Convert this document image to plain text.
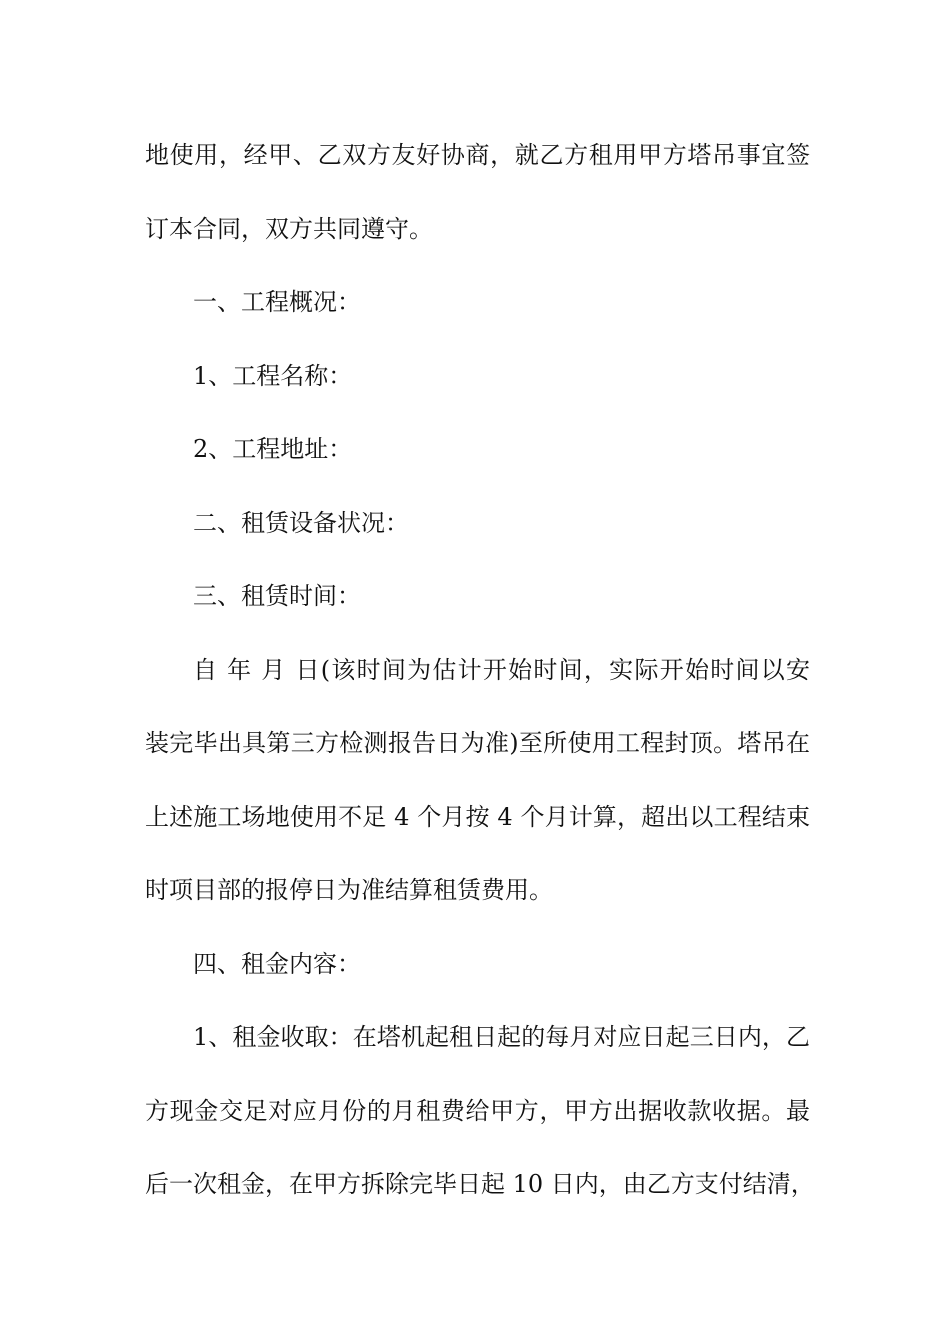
地使用，经甲、乙双方友好协商，就乙方租用甲方塔吊事宜签
订本合同，双方共同遵守。
一、工程概况：
1、工程名称：
2、工程地址：
二、租赁设备状况：
三、租赁时间：
自 年 月 日(该时间为估计开始时间，实际开始时间以安
装完毕出具第三方检测报告日为准)至所使用工程封顶。塔吊在
上述施工场地使用不足 4 个月按 4 个月计算，超出以工程结束
时项目部的报停日为准结算租赁费用。
四、租金内容：
1、租金收取：在塔机起租日起的每月对应日起三日内，乙
方现金交足对应月份的月租费给甲方，甲方出据收款收据。最
后一次租金，在甲方拆除完毕日起 10 日内，由乙方支付结清，
